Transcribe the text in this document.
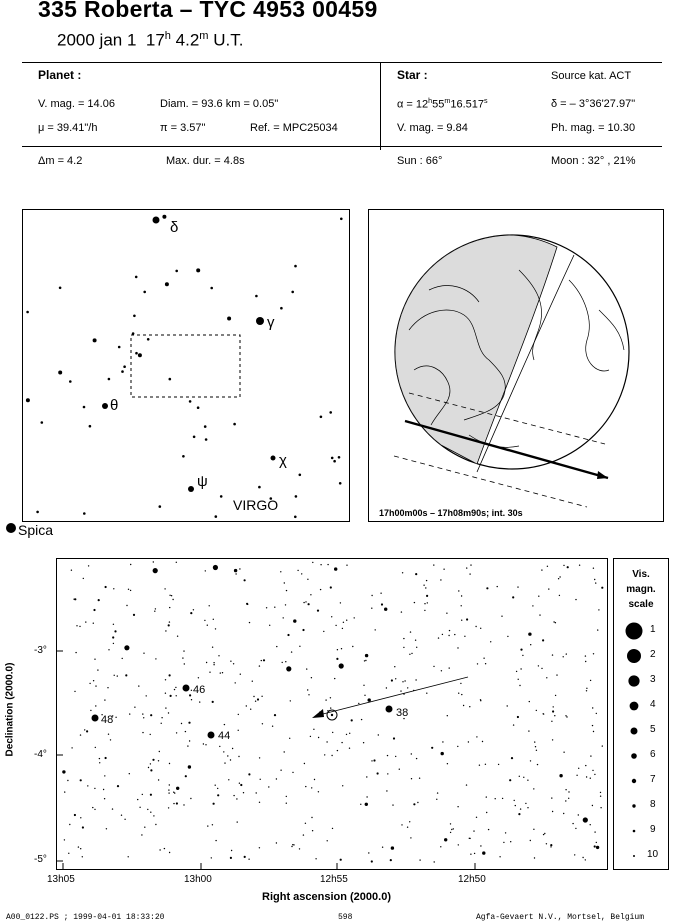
335 Roberta – TYC 4953 00459
2000 jan 1 17$^h$ 4.2$^m$ U.T.
Planet :
V. mag. = 14.06	Diam. = 93.6 km = 0.05"
μ = 39.41"/h	π = 3.57"	Ref. = MPC25034
Star :	Source kat. ACT
$\alpha = 12^h55^m16.517^s$	δ = – 3°36'27.97"
V. mag. = 9.84	Ph. mag. = 10.30
Δm = 4.2	Max. dur. = 4.8s	Sun : 66°	Moon : 32° , 21%
δ
γ
θ
χ
ψ
VIRGO
Spica
17h00m00s – 17h08m90s; int. 30s
Declination (2000.0)	46
48
44
38
-3°
-4°
-5°
13h05	13h00	12h55	12h50
Right ascension (2000.0)
Vis.
magn.
scale
1
2
3
4
5
6
7
8
9
10
A00_0122.PS ; 1999-04-01 18:33:20	598	Agfa-Gevaert N.V., Mortsel, Belgium
